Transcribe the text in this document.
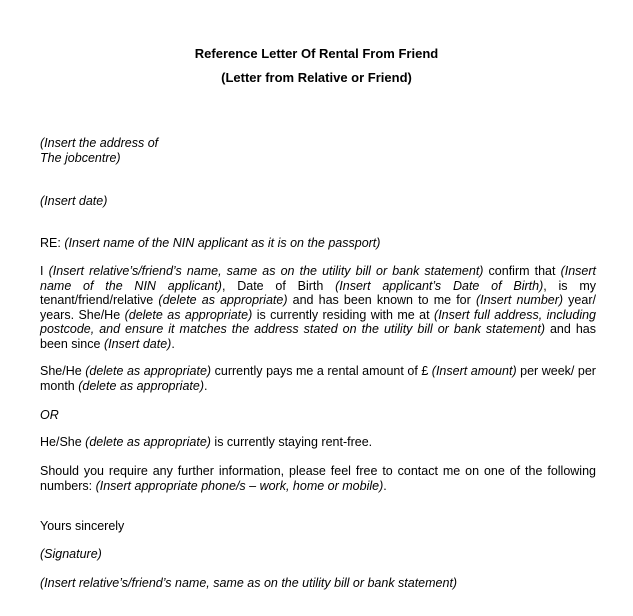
Reference Letter Of Rental From Friend
(Letter from Relative or Friend)
(Insert the address of
The jobcentre)
(Insert date)
RE: (Insert name of the NIN applicant as it is on the passport)
I (Insert relative’s/friend’s name, same as on the utility bill or bank statement) confirm that (Insert name of the NIN applicant), Date of Birth (Insert applicant’s Date of Birth), is my tenant/friend/relative (delete as appropriate) and has been known to me for (Insert number) year/ years. She/He (delete as appropriate) is currently residing with me at (Insert full address, including postcode, and ensure it matches the address stated on the utility bill or bank statement) and has been since (Insert date).
She/He (delete as appropriate) currently pays me a rental amount of £ (Insert amount) per week/ per month (delete as appropriate).
OR
He/She (delete as appropriate) is currently staying rent-free.
Should you require any further information, please feel free to contact me on one of the following numbers: (Insert appropriate phone/s – work, home or mobile).
Yours sincerely
(Signature)
(Insert relative’s/friend’s name, same as on the utility bill or bank statement)
